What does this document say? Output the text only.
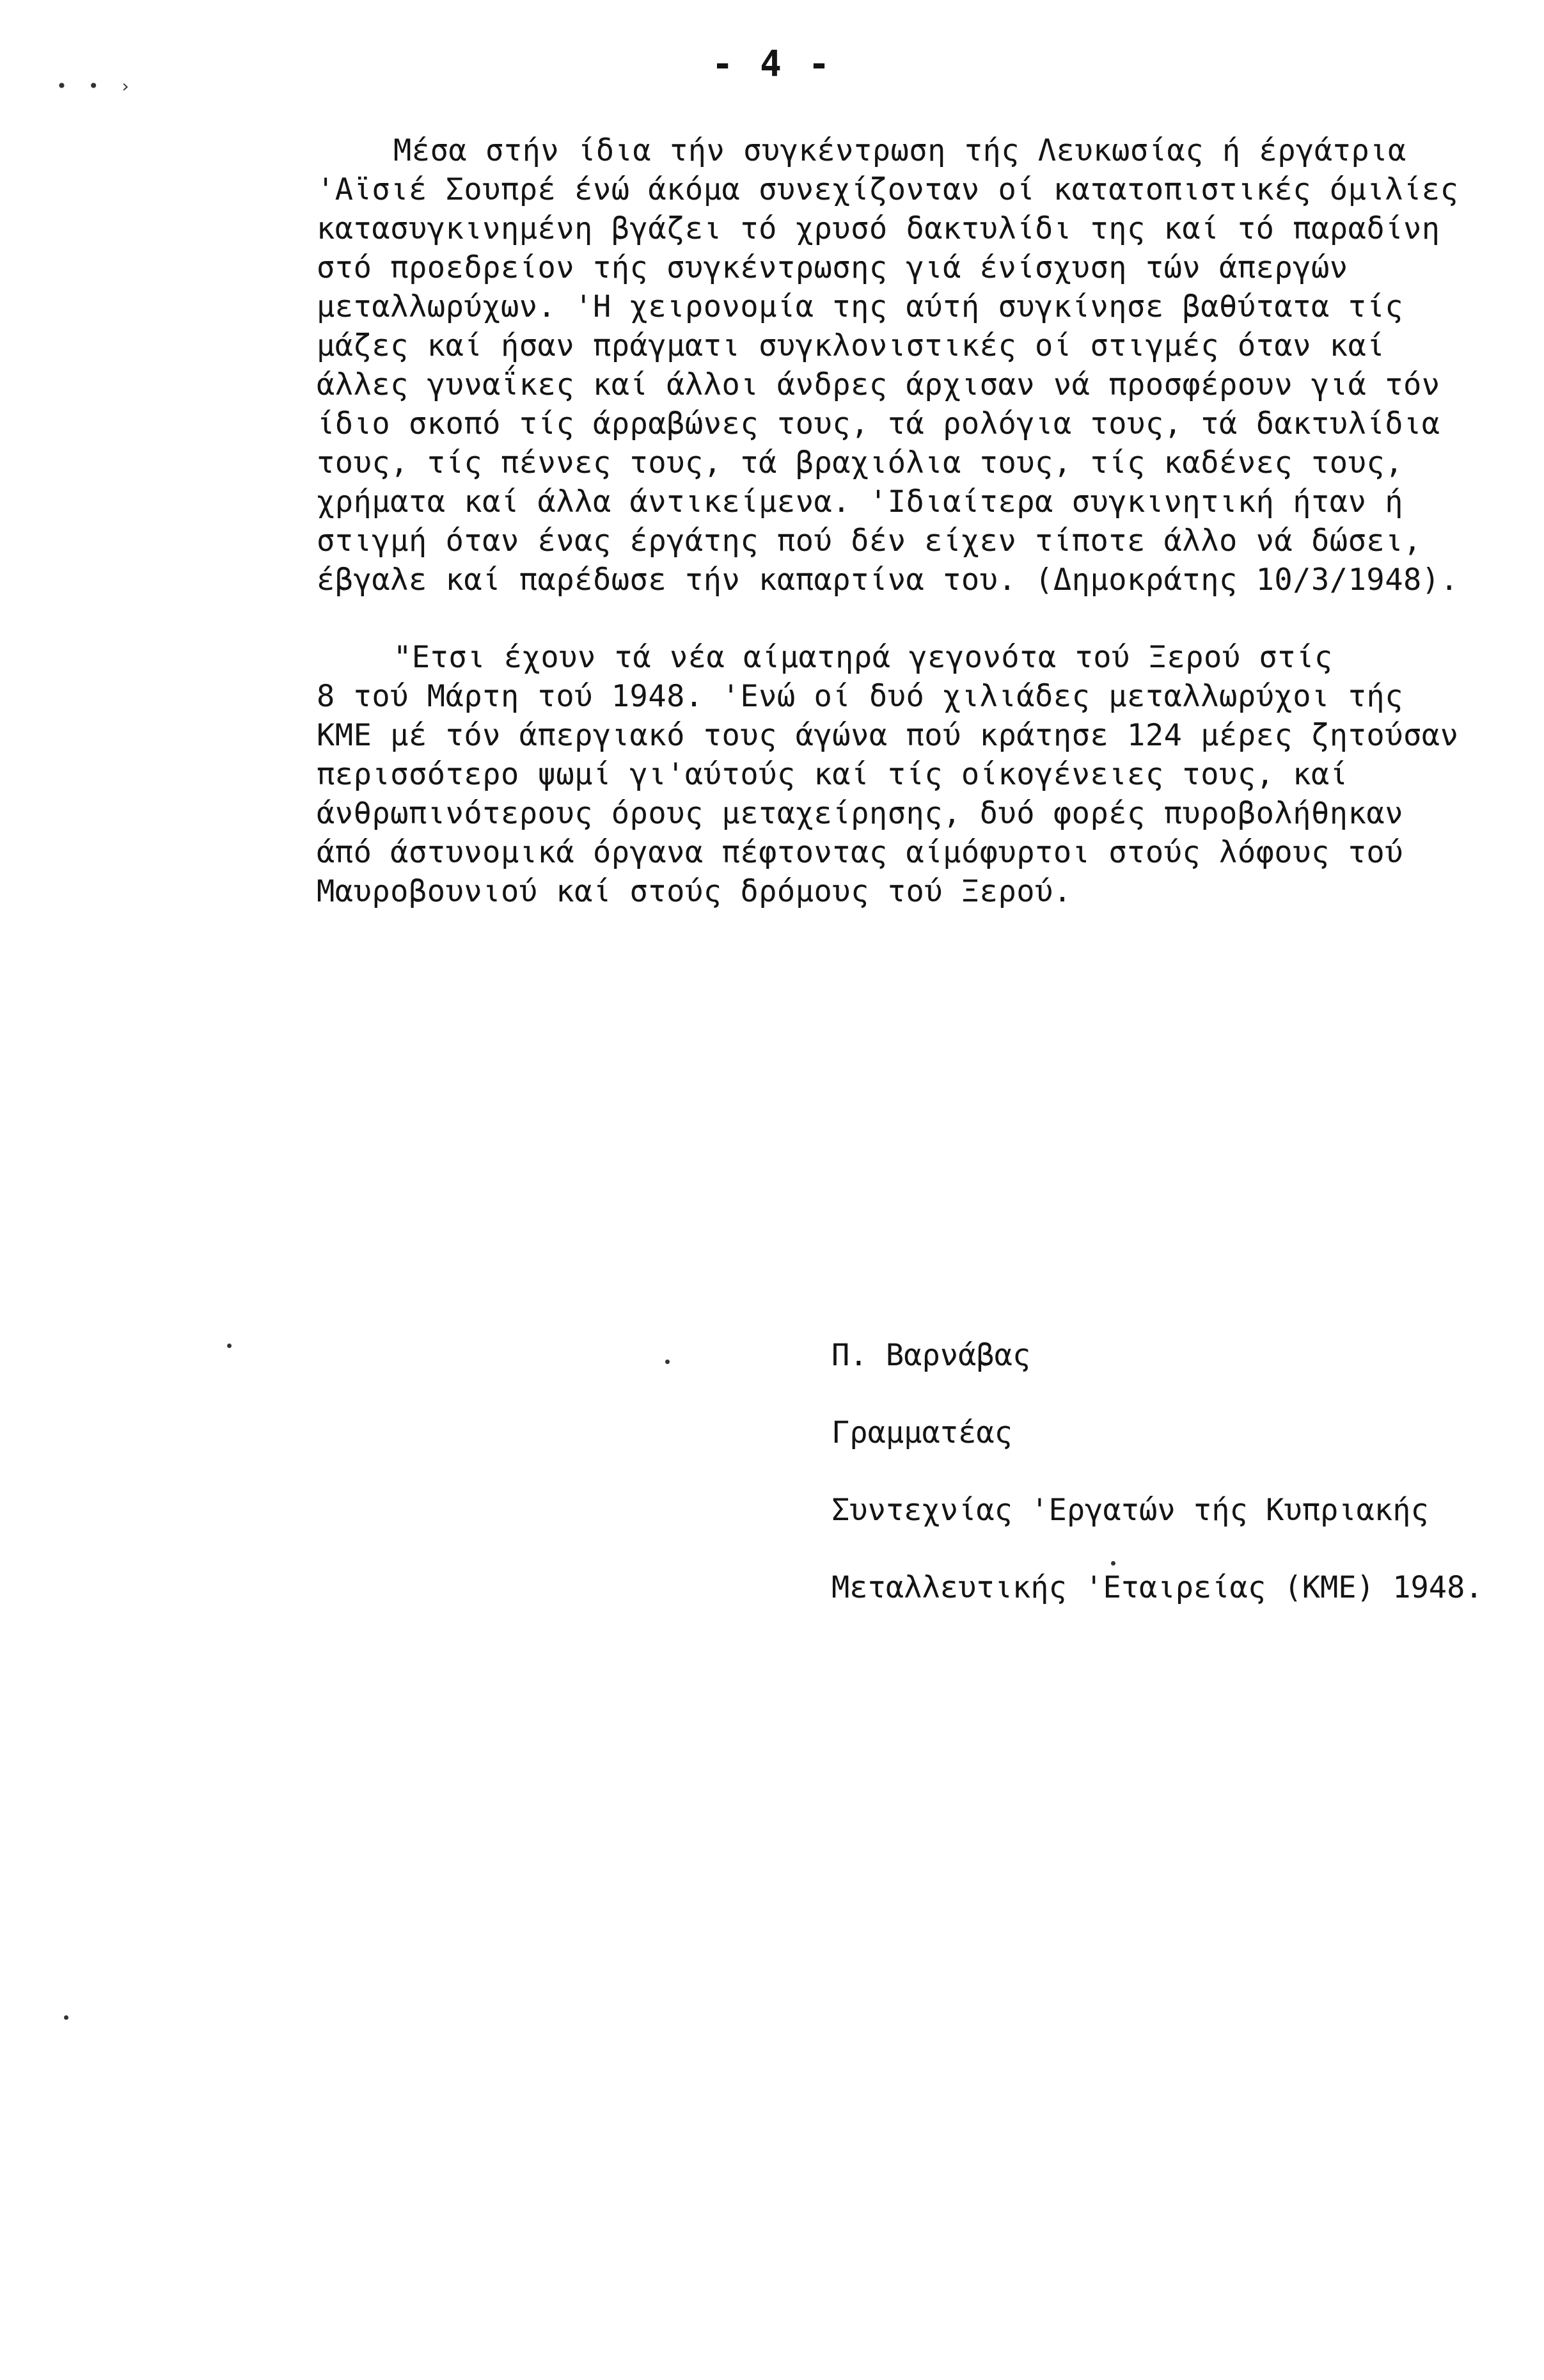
- 4 -
• • ›
Μέσα στήν ίδια τήν συγκέντρωση τής Λευκωσίας ή έργάτρια
'Αϊσιέ Σουπρέ ένώ άκόμα συνεχίζονταν οί κατατοπιστικές όμιλίες
κατασυγκινημένη βγάζει τό χρυσό δακτυλίδι της καί τό παραδίνη
στό προεδρείον τής συγκέντρωσης γιά ένίσχυση τών άπεργών
μεταλλωρύχων. 'Η χειρονομία της αύτή συγκίνησε βαθύτατα τίς
μάζες καί ήσαν πράγματι συγκλονιστικές οί στιγμές όταν καί
άλλες γυναΐκες καί άλλοι άνδρες άρχισαν νά προσφέρουν γιά τόν
ίδιο σκοπό τίς άρραβώνες τους, τά ρολόγια τους, τά δακτυλίδια
τους, τίς πέννες τους, τά βραχιόλια τους, τίς καδένες τους,
χρήματα καί άλλα άντικείμενα. 'Ιδιαίτερα συγκινητική ήταν ή
στιγμή όταν ένας έργάτης πού δέν είχεν τίποτε άλλο νά δώσει,
έβγαλε καί παρέδωσε τήν καπαρτίνα του. (Δημοκράτης 10/3/1948).
"Ετσι έχουν τά νέα αίματηρά γεγονότα τού Ξερού στίς
8 τού Μάρτη τού 1948. 'Ενώ οί δυό χιλιάδες μεταλλωρύχοι τής
ΚΜΕ μέ τόν άπεργιακό τους άγώνα πού κράτησε 124 μέρες ζητούσαν
περισσότερο ψωμί γι'αύτούς καί τίς οίκογένειες τους, καί
άνθρωπινότερους όρους μεταχείρησης, δυό φορές πυροβολήθηκαν
άπό άστυνομικά όργανα πέφτοντας αίμόφυρτοι στούς λόφους τού
Μαυροβουνιού καί στούς δρόμους τού Ξερού.
Π. Βαρνάβας
Γραμματέας
Συντεχνίας 'Εργατών τής Κυπριακής
Μεταλλευτικής 'Εταιρείας (ΚΜΕ) 1948.
